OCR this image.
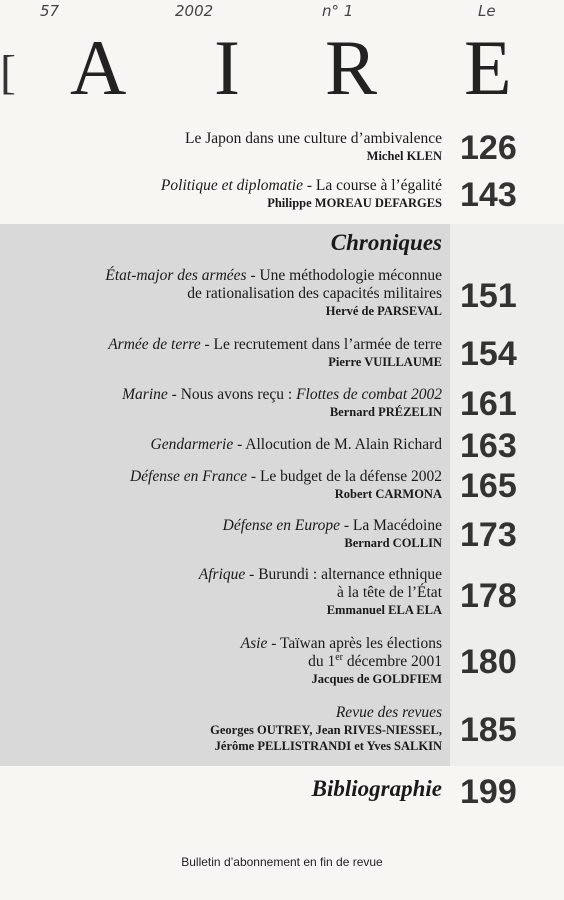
57	2002	n° 1	Le
[ A I R E
Le Japon dans une culture d’ambivalence
Michel KLEN 126
Politique et diplomatie - La course à l’égalité
Philippe MOREAU DEFARGES 143
Chroniques
État-major des armées - Une méthodologie méconnue
de rationalisation des capacités militaires
Hervé de PARSEVAL 151
Armée de terre - Le recrutement dans l’armée de terre
Pierre VUILLAUME 154
Marine - Nous avons reçu : Flottes de combat 2002
Bernard PRÉZELIN 161
Gendarmerie - Allocution de M. Alain Richard 163
Défense en France - Le budget de la défense 2002
Robert CARMONA 165
Défense en Europe - La Macédoine
Bernard COLLIN 173
Afrique - Burundi : alternance ethnique
à la tête de l’État
Emmanuel ELA ELA 178
Asie - Taïwan après les élections
du 1er décembre 2001
Jacques de GOLDFIEM 180
Revue des revues
Georges OUTREY, Jean RIVES-NIESSEL,
Jérôme PELLISTRANDI et Yves SALKIN 185
Bibliographie 199
Bulletin d’abonnement en fin de revue
